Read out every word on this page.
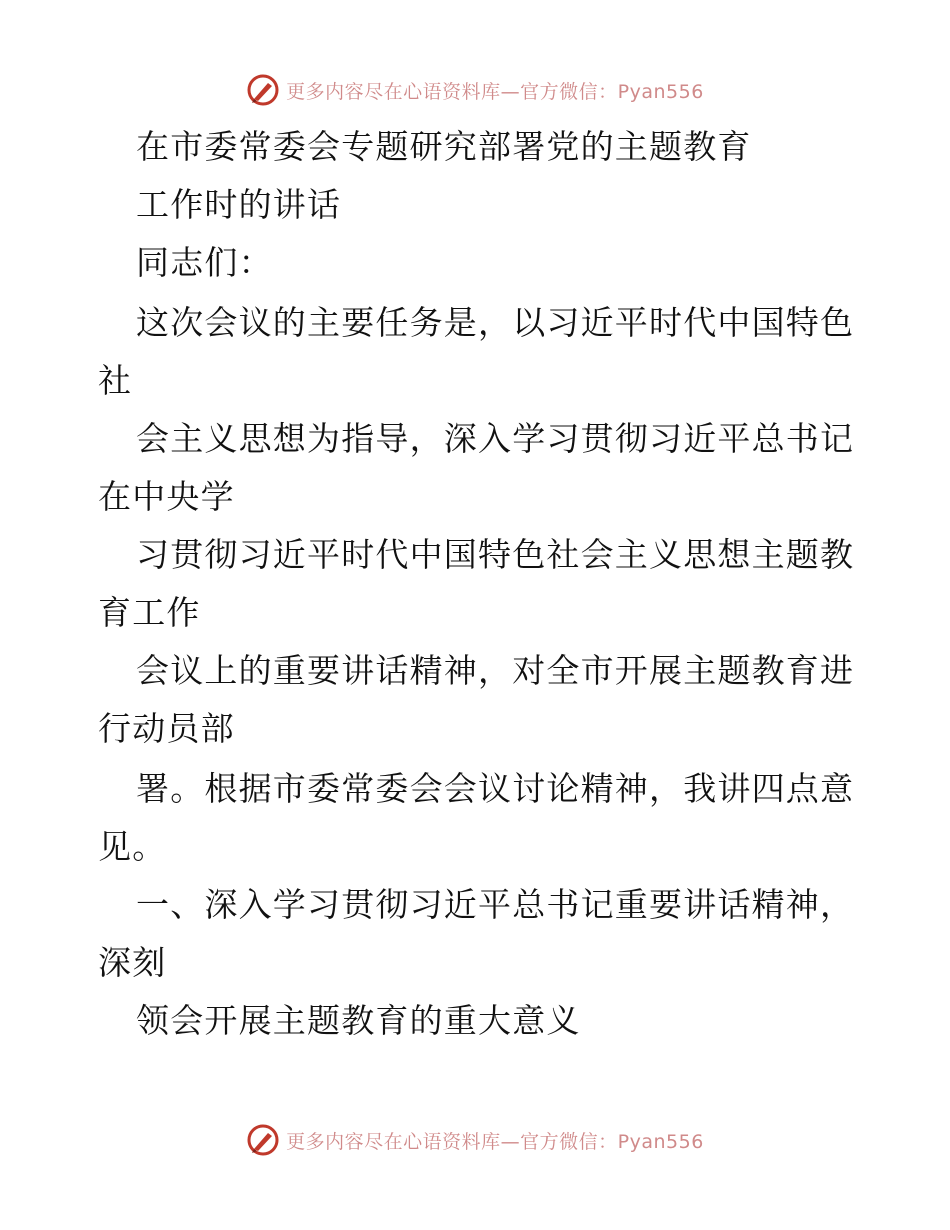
更多内容尽在心语资料库—官方微信：Pyan556
在市委常委会专题研究部署党的主题教育
工作时的讲话
同志们：
这次会议的主要任务是，以习近平时代中国特色
社
会主义思想为指导，深入学习贯彻习近平总书记
在中央学
习贯彻习近平时代中国特色社会主义思想主题教
育工作
会议上的重要讲话精神，对全市开展主题教育进
行动员部
署。根据市委常委会会议讨论精神，我讲四点意
见。
一、深入学习贯彻习近平总书记重要讲话精神，
深刻
领会开展主题教育的重大意义
更多内容尽在心语资料库—官方微信：Pyan556
